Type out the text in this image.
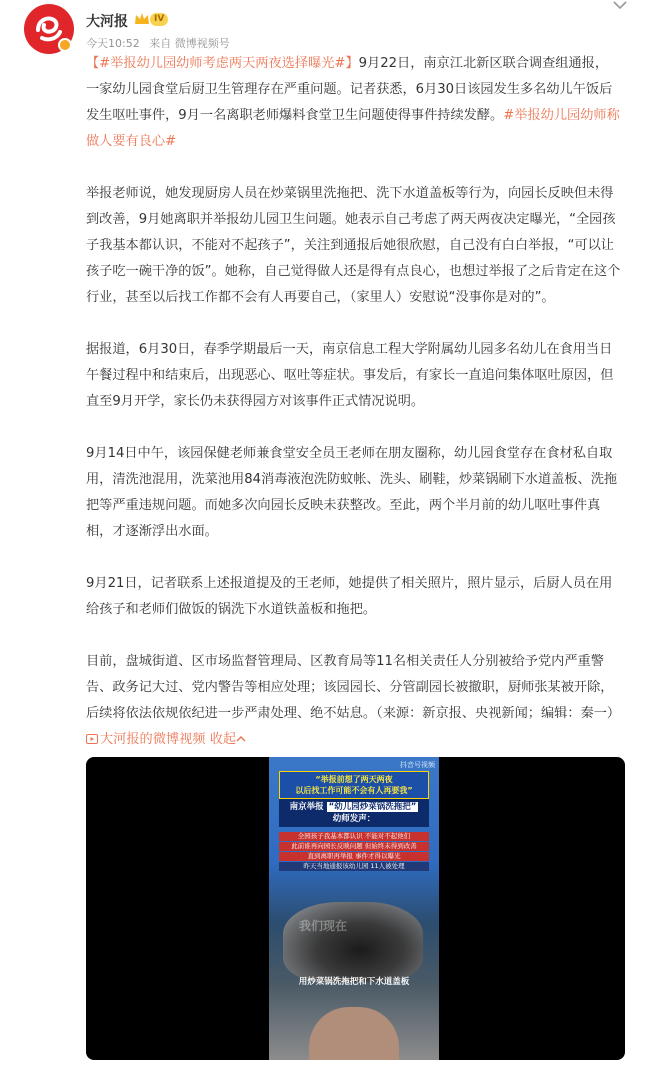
大河报	IV
今天10:52 来自 微博视频号

【#举报幼儿园幼师考虑两天两夜选择曝光#】9月22日，南京江北新区联合调查组通报，一家幼儿园食堂后厨卫生管理存在严重问题。记者获悉，6月30日该园发生多名幼儿午饭后发生呕吐事件，9月一名离职老师爆料食堂卫生问题使得事件持续发酵。#举报幼儿园幼师称做人要有良心#

举报老师说，她发现厨房人员在炒菜锅里洗拖把、洗下水道盖板等行为，向园长反映但未得到改善，9月她离职并举报幼儿园卫生问题。她表示自己考虑了两天两夜决定曝光，“全园孩子我基本都认识，不能对不起孩子”，关注到通报后她很欣慰，自己没有白白举报，“可以让孩子吃一碗干净的饭”。她称，自己觉得做人还是得有点良心，也想过举报了之后肯定在这个行业，甚至以后找工作都不会有人再要自己，（家里人）安慰说“没事你是对的”。

据报道，6月30日，春季学期最后一天，南京信息工程大学附属幼儿园多名幼儿在食用当日午餐过程中和结束后，出现恶心、呕吐等症状。事发后，有家长一直追问集体呕吐原因，但直至9月开学，家长仍未获得园方对该事件正式情况说明。

9月14日中午，该园保健老师兼食堂安全员王老师在朋友圈称，幼儿园食堂存在食材私自取用，清洗池混用，洗菜池用84消毒液泡洗防蚊帐、洗头、刷鞋，炒菜锅刷下水道盖板、洗拖把等严重违规问题。而她多次向园长反映未获整改。至此，两个半月前的幼儿呕吐事件真相，才逐渐浮出水面。

9月21日，记者联系上述报道提及的王老师，她提供了相关照片，照片显示，后厨人员在用给孩子和老师们做饭的锅洗下水道铁盖板和拖把。

目前，盘城街道、区市场监督管理局、区教育局等11名相关责任人分别被给予党内严重警告、政务记大过、党内警告等相应处理；该园园长、分管副园长被撤职，厨师张某被开除，后续将依法依规依纪进一步严肃处理、绝不姑息。（来源：新京报、央视新闻；编辑：秦一） 大河报的微博视频 收起

抖音号视频
“举报前想了两天两夜
以后找工作可能不会有人再要我”
南京举报 “幼儿园炒菜锅洗拖把”
幼师发声：
全园孩子我基本都认识 不能对不起他们
此前谁再向园长反映问题 但始终未得到改善
直到离职再举报 事件才得以曝光
昨天当地通报该幼儿园 11人被处理
我们现在
用炒菜锅洗拖把和下水道盖板
